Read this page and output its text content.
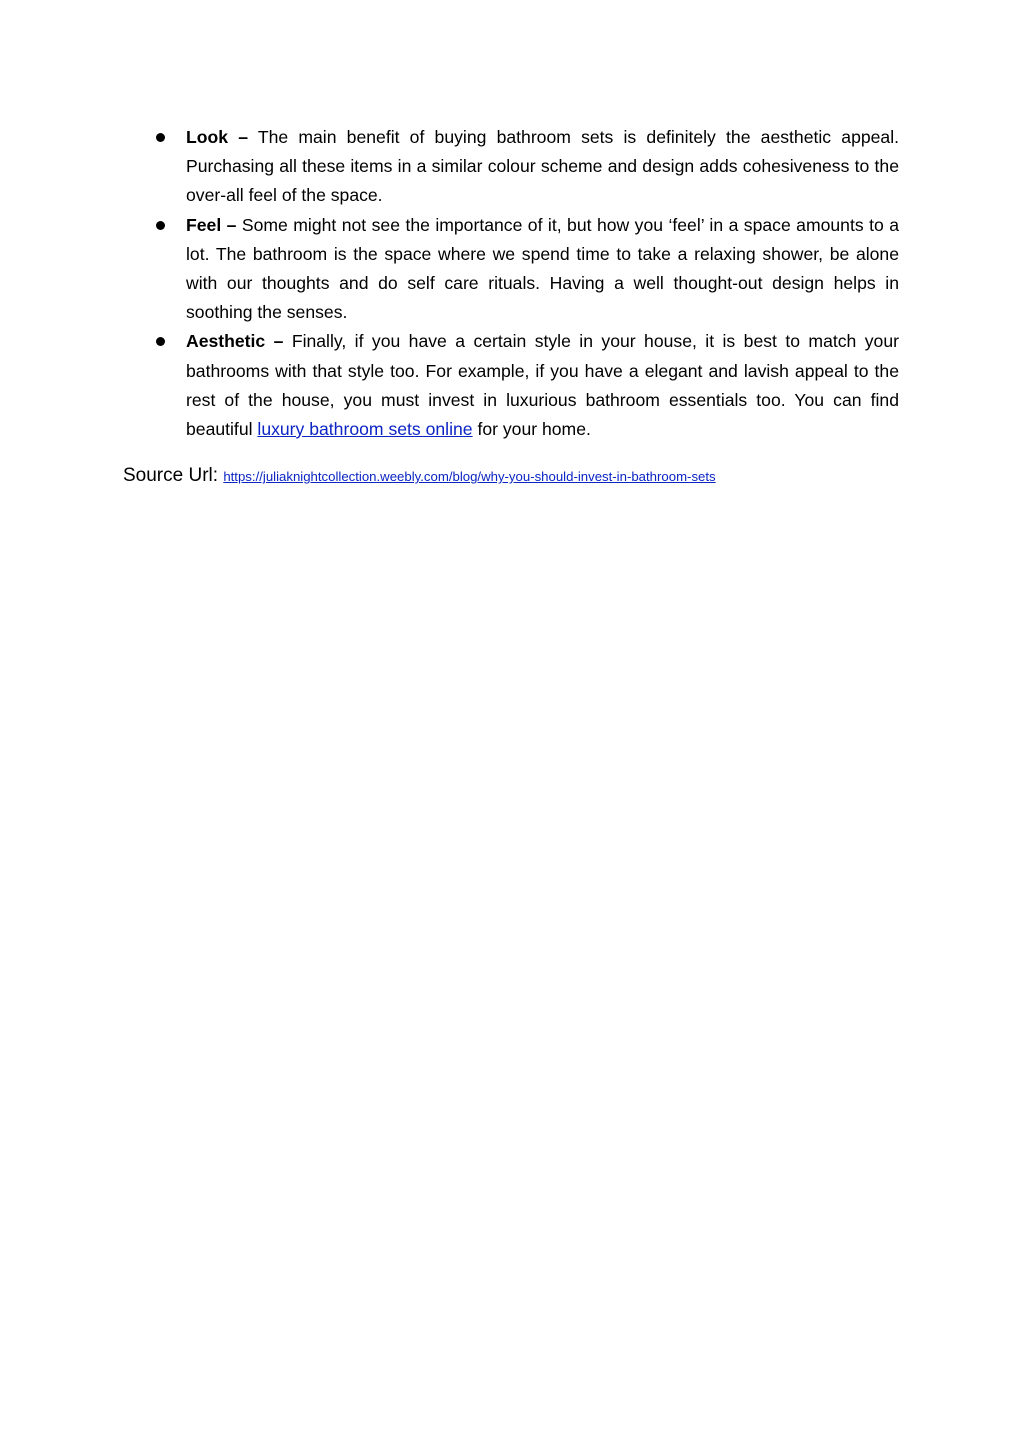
Look – The main benefit of buying bathroom sets is definitely the aesthetic appeal. Purchasing all these items in a similar colour scheme and design adds cohesiveness to the over-all feel of the space.
Feel – Some might not see the importance of it, but how you ‘feel’ in a space amounts to a lot. The bathroom is the space where we spend time to take a relaxing shower, be alone with our thoughts and do self care rituals. Having a well thought-out design helps in soothing the senses.
Aesthetic – Finally, if you have a certain style in your house, it is best to match your bathrooms with that style too. For example, if you have a elegant and lavish appeal to the rest of the house, you must invest in luxurious bathroom essentials too. You can find beautiful luxury bathroom sets online for your home.
Source Url: https://juliaknightcollection.weebly.com/blog/why-you-should-invest-in-bathroom-sets
